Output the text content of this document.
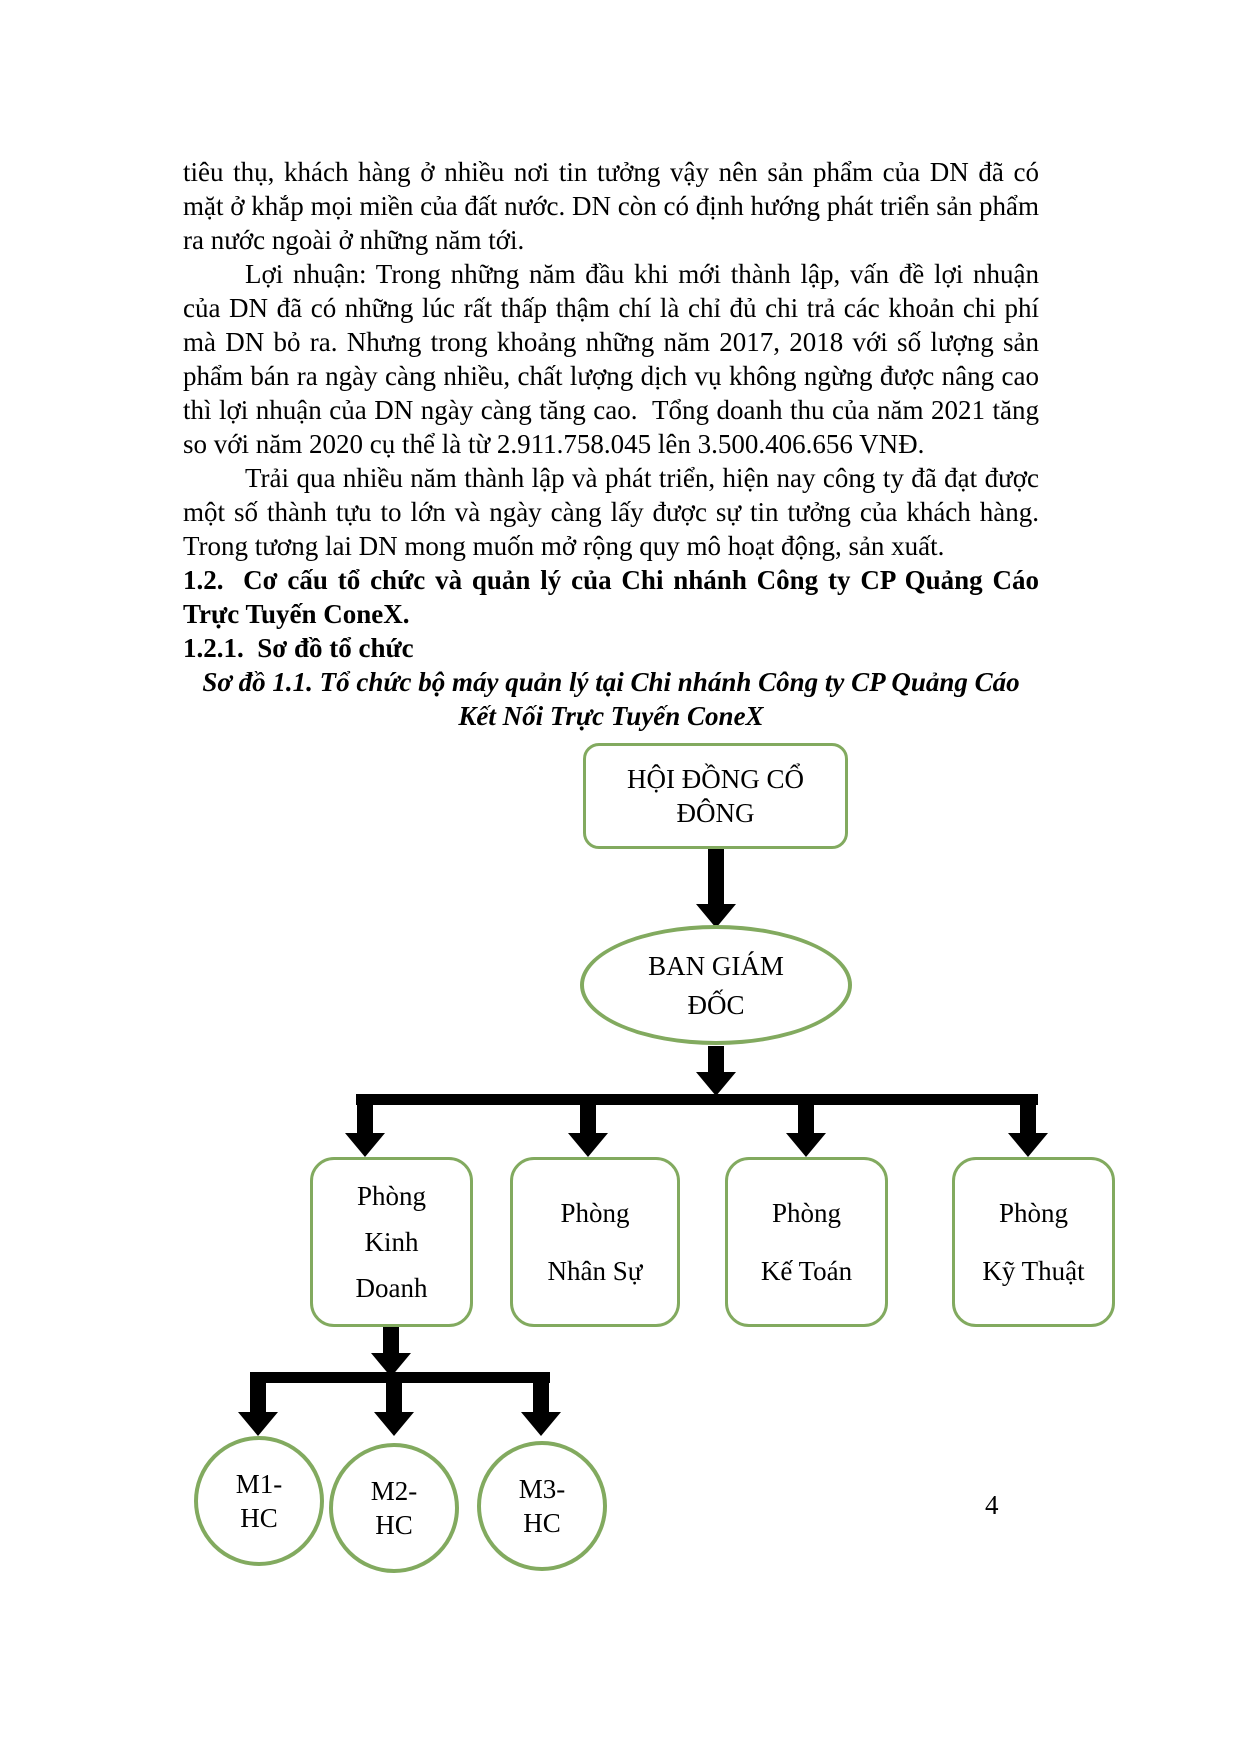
tiêu thụ, khách hàng ở nhiều nơi tin tưởng vậy nên sản phẩm của DN đã có mặt ở khắp mọi miền của đất nước. DN còn có định hướng phát triển sản phẩm ra nước ngoài ở những năm tới.

Lợi nhuận: Trong những năm đầu khi mới thành lập, vấn đề lợi nhuận của DN đã có những lúc rất thấp thậm chí là chỉ đủ chi trả các khoản chi phí mà DN bỏ ra. Nhưng trong khoảng những năm 2017, 2018 với số lượng sản phẩm bán ra ngày càng nhiều, chất lượng dịch vụ không ngừng được nâng cao thì lợi nhuận của DN ngày càng tăng cao.  Tổng doanh thu của năm 2021 tăng so với năm 2020 cụ thể là từ 2.911.758.045 lên 3.500.406.656 VNĐ.

Trải qua nhiều năm thành lập và phát triển, hiện nay công ty đã đạt được một số thành tựu to lớn và ngày càng lấy được sự tin tưởng của khách hàng. Trong tương lai DN mong muốn mở rộng quy mô hoạt động, sản xuất.

1.2.  Cơ cấu tổ chức và quản lý của Chi nhánh Công ty CP Quảng Cáo Trực Tuyến ConeX.

1.2.1.  Sơ đồ tổ chức

Sơ đồ 1.1. Tổ chức bộ máy quản lý tại Chi nhánh Công ty CP Quảng Cáo Kết Nối Trực Tuyến ConeX

HỘI ĐỒNG CỔ
ĐÔNG
BAN GIÁM
ĐỐC
Phòng
Kinh
Doanh
Phòng
Nhân Sự
Phòng
Kế Toán
Phòng
Kỹ Thuật
M1-
HC
M2-
HC
M3-
HC
4
